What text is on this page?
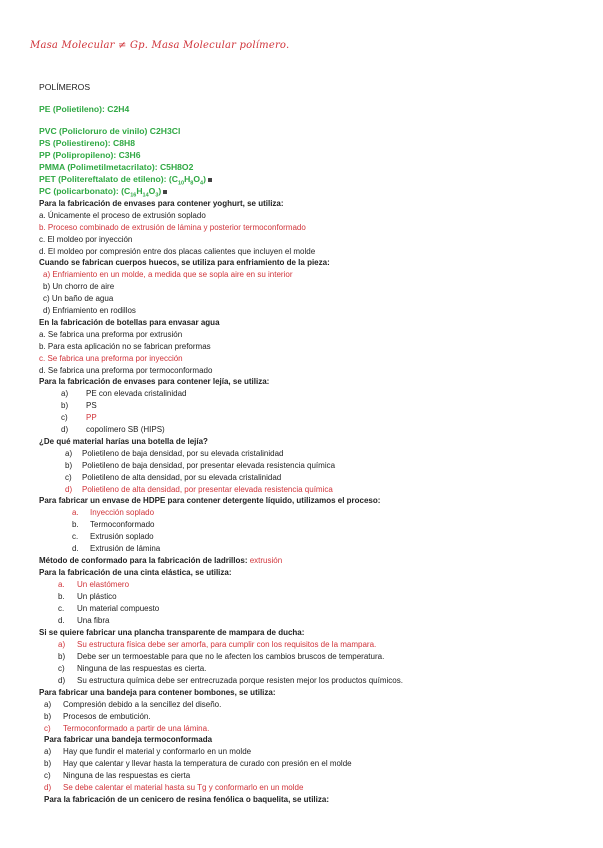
Masa Molecular ≠ Gp. Masa Molecular polímero.
POLÍMEROS
PE (Polietileno): C2H4
PVC (Policloruro de vinilo) C2H3Cl
PS (Poliestireno): C8H8
PP (Polipropileno): C3H6
PMMA (Polimetilmetacrilato): C5H8O2
PET (Politereftalato de etileno): $(C_{10}H_8O_4)$
PC (policarbonato): $(C_{16}H_{14}O_3)$
Para la fabricación de envases para contener yoghurt, se utiliza:
a. Únicamente el proceso de extrusión soplado
b. Proceso combinado de extrusión de lámina y posterior termoconformado
c. El moldeo por inyección
d. El moldeo por compresión entre dos placas calientes que incluyen el molde
Cuando se fabrican cuerpos huecos, se utiliza para enfriamiento de la pieza:
a) Enfriamiento en un molde, a medida que se sopla aire en su interior
b) Un chorro de aire
c) Un baño de agua
d) Enfriamiento en rodillos
En la fabricación de botellas para envasar agua
a. Se fabrica una preforma por extrusión
b. Para esta aplicación no se fabrican preformas
c. Se fabrica una preforma por inyección
d. Se fabrica una preforma por termoconformado
Para la fabricación de envases para contener lejía, se utiliza:
a) PE con elevada cristalinidad
b) PS
c) PP
d) copolímero SB (HIPS)
¿De qué material harías una botella de lejía?
a) Polietileno de baja densidad, por su elevada cristalinidad
b) Polietileno de baja densidad, por presentar elevada resistencia química
c) Polietileno de alta densidad, por su elevada cristalinidad
d) Polietileno de alta densidad, por presentar elevada resistencia química
Para fabricar un envase de HDPE para contener detergente líquido, utilizamos el proceso:
a. Inyección soplado
b. Termoconformado
c. Extrusión soplado
d. Extrusión de lámina
Método de conformado para la fabricación de ladrillos: extrusión
Para la fabricación de una cinta elástica, se utiliza:
a. Un elastómero
b. Un plástico
c. Un material compuesto
d. Una fibra
Si se quiere fabricar una plancha transparente de mampara de ducha:
a) Su estructura física debe ser amorfa, para cumplir con los requisitos de la mampara.
b) Debe ser un termoestable para que no le afecten los cambios bruscos de temperatura.
c) Ninguna de las respuestas es cierta.
d) Su estructura química debe ser entrecruzada porque resisten mejor los productos químicos.
Para fabricar una bandeja para contener bombones, se utiliza:
a) Compresión debido a la sencillez del diseño.
b) Procesos de embutición.
c) Termoconformado a partir de una lámina.
Para fabricar una bandeja termoconformada
a) Hay que fundir el material y conformarlo en un molde
b) Hay que calentar y llevar hasta la temperatura de curado con presión en el molde
c) Ninguna de las respuestas es cierta
d) Se debe calentar el material hasta su Tg y conformarlo en un molde
Para la fabricación de un cenicero de resina fenólica o baquelita, se utiliza:
